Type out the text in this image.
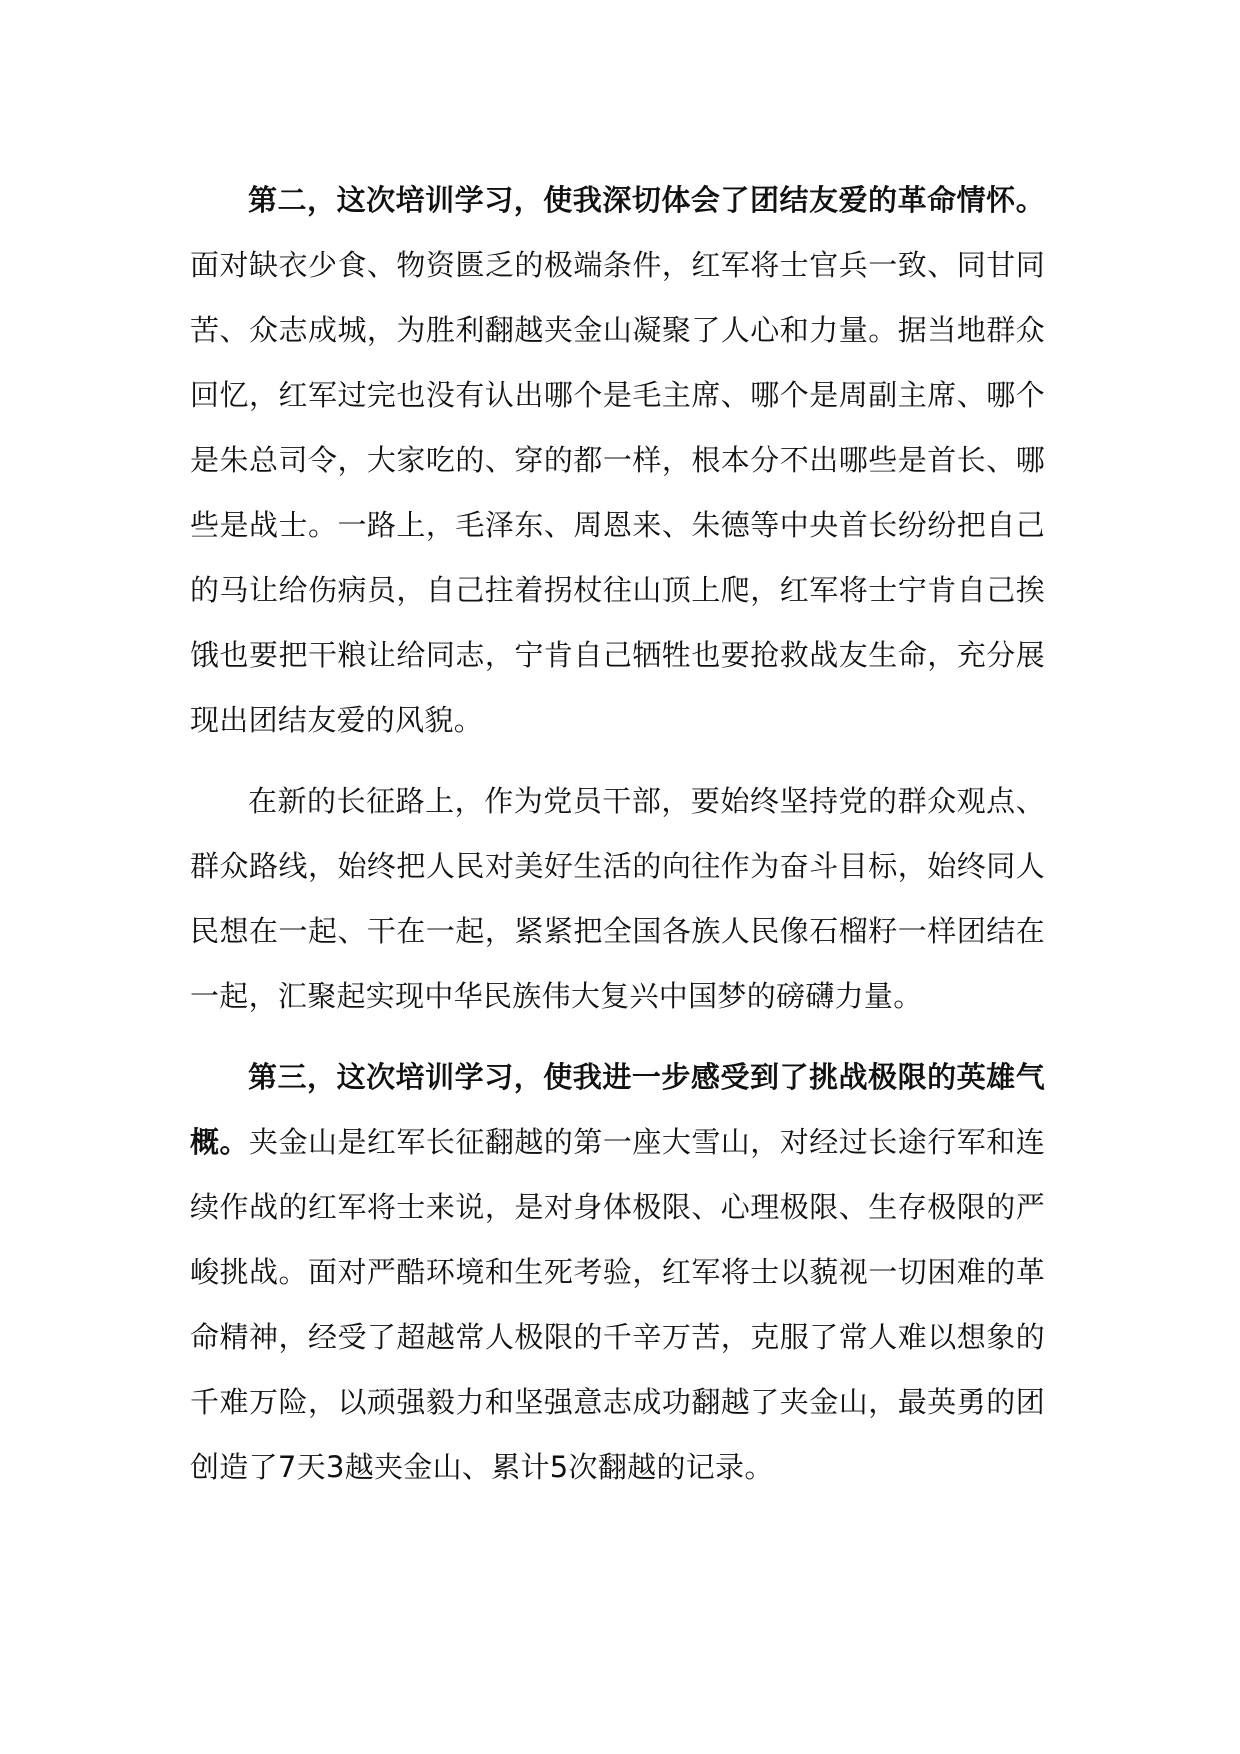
第二，这次培训学习，使我深切体会了团结友爱的革命情怀。面对缺衣少食、物资匮乏的极端条件，红军将士官兵一致、同甘同苦、众志成城，为胜利翻越夹金山凝聚了人心和力量。据当地群众回忆，红军过完也没有认出哪个是毛主席、哪个是周副主席、哪个是朱总司令，大家吃的、穿的都一样，根本分不出哪些是首长、哪些是战士。一路上，毛泽东、周恩来、朱德等中央首长纷纷把自己的马让给伤病员，自己拄着拐杖往山顶上爬，红军将士宁肯自己挨饿也要把干粮让给同志，宁肯自己牺牲也要抢救战友生命，充分展现出团结友爱的风貌。

在新的长征路上，作为党员干部，要始终坚持党的群众观点、群众路线，始终把人民对美好生活的向往作为奋斗目标，始终同人民想在一起、干在一起，紧紧把全国各族人民像石榴籽一样团结在一起，汇聚起实现中华民族伟大复兴中国梦的磅礴力量。

第三，这次培训学习，使我进一步感受到了挑战极限的英雄气概。夹金山是红军长征翻越的第一座大雪山，对经过长途行军和连续作战的红军将士来说，是对身体极限、心理极限、生存极限的严峻挑战。面对严酷环境和生死考验，红军将士以藐视一切困难的革命精神，经受了超越常人极限的千辛万苦，克服了常人难以想象的千难万险，以顽强毅力和坚强意志成功翻越了夹金山，最英勇的团创造了7天3越夹金山、累计5次翻越的记录。
